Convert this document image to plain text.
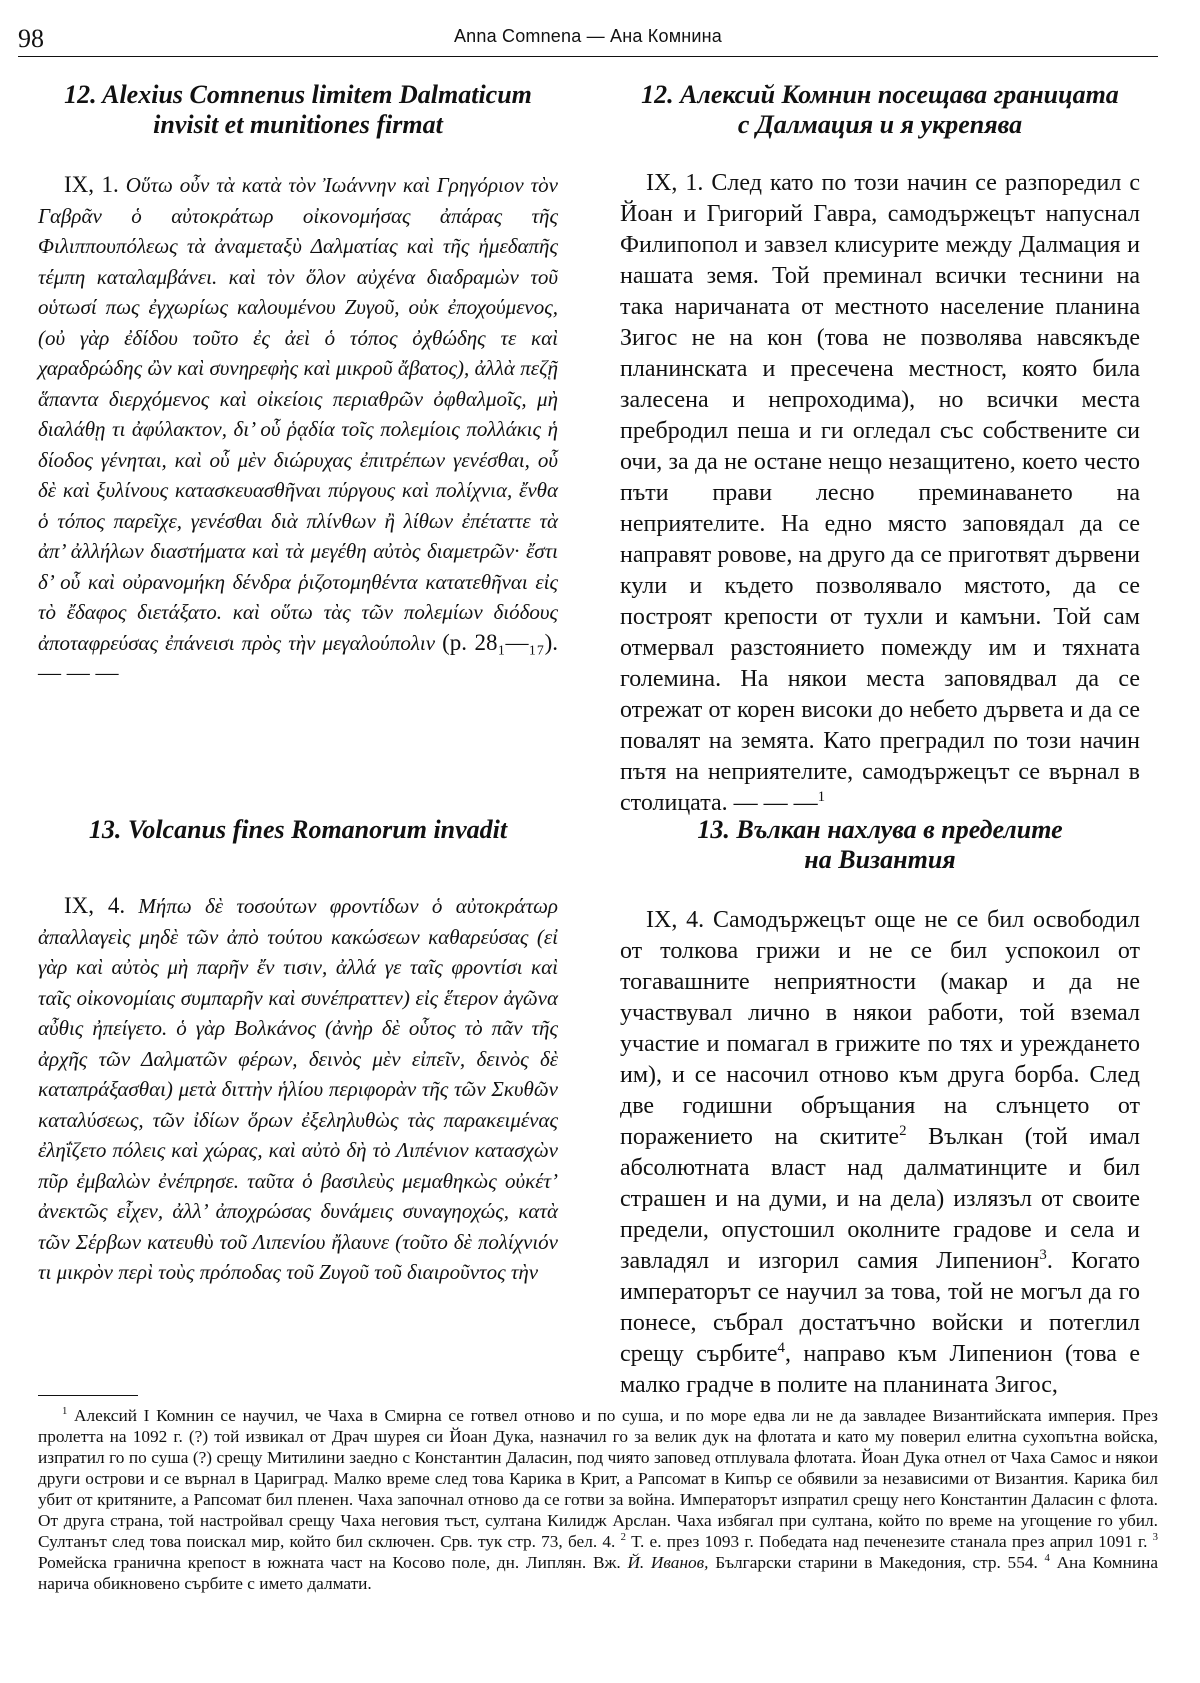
98	Anna Comnena — Ана Комнина
12. Alexius Comnenus limitem Dalmaticum
invisit et munitiones firmat

IX, 1. Οὕτω οὖν τὰ κατὰ τὸν Ἰωάννην καὶ Γρηγόριον τὸν Γαβρᾶν ὁ αὐτοκράτωρ οἰκονομήσας ἀπάρας τῆς Φιλιππουπόλεως τὰ ἀναμεταξὺ Δαλματίας καὶ τῆς ἡμεδαπῆς τέμπη καταλαμβάνει. καὶ τὸν ὅλον αὐχένα διαδραμὼν τοῦ οὑτωσί πως ἐγχωρίως καλουμένου Ζυγοῦ, οὐκ ἐποχούμενος, (οὐ γὰρ ἐδίδου τοῦτο ἐς ἀεὶ ὁ τόπος ὀχθώδης τε καὶ χαραδρώδης ὢν καὶ συνηρεφὴς καὶ μικροῦ ἄβατος), ἀλλὰ πεζῇ ἅπαντα διερχόμενος καὶ οἰκείοις περιαθρῶν ὀφθαλμοῖς, μὴ διαλάθῃ τι ἀφύλακτον, δι’ οὗ ῥᾳδία τοῖς πολεμίοις πολλάκις ἡ δίοδος γένηται, καὶ οὗ μὲν διώρυχας ἐπιτρέπων γενέσθαι, οὗ δὲ καὶ ξυλίνους κατασκευασθῆναι πύργους καὶ πολίχνια, ἔνθα ὁ τόπος παρεῖχε, γενέσθαι διὰ πλίνθων ἢ λίθων ἐπέταττε τὰ ἀπ’ ἀλλήλων διαστήματα καὶ τὰ μεγέθη αὐτὸς διαμετρῶν· ἔστι δ’ οὗ καὶ οὐρανομήκη δένδρα ῥιζοτομηθέντα κατατεθῆναι εἰς τὸ ἔδαφος διετάξατο. καὶ οὕτω τὰς τῶν πολεμίων διόδους ἀποταφρεύσας ἐπάνεισι πρὸς τὴν μεγαλούπολιν (p. 28₁—₁₇). — — —

12. Алексий Комнин посещава границата
с Далмация и я укрепява

IX, 1. След като по този начин се разпоредил с Йоан и Григорий Гавра, самодържецът напуснал Филипопол и завзел клисурите между Далмация и нашата земя. Той преминал всички теснини на така наричаната от местното население планина Зигос не на кон (това не позволява навсякъде планинската и пресечена местност, която била залесена и непроходима), но всички места пребродил пеша и ги огледал със собствените си очи, за да не остане нещо незащитено, което често пъти прави лесно преминаването на неприятелите. На едно място заповядал да се направят ровове, на друго да се приготвят дървени кули и където позволявало мястото, да се построят крепости от тухли и камъни. Той сам отмервал разстоянието помежду им и тяхната големина. На някои места заповядвал да се отрежат от корен високи до небето дървета и да се повалят на земята. Като преградил по този начин пътя на неприятелите, самодържецът се върнал в столицата. — — —$^1$

13. Volcanus fines Romanorum invadit

IX, 4. Μήπω δὲ τοσούτων φροντίδων ὁ αὐτοκράτωρ ἀπαλλαγεὶς μηδὲ τῶν ἀπὸ τούτου κακώσεων καθαρεύσας (εἰ γὰρ καὶ αὐτὸς μὴ παρῆν ἔν τισιν, ἀλλά γε ταῖς φροντίσι καὶ ταῖς οἰκονομίαις συμπαρῆν καὶ συνέπραττεν) εἰς ἕτερον ἀγῶνα αὖθις ἠπείγετο. ὁ γὰρ Βολκάνος (ἀνὴρ δὲ οὗτος τὸ πᾶν τῆς ἀρχῆς τῶν Δαλματῶν φέρων, δεινὸς μὲν εἰπεῖν, δεινὸς δὲ καταπράξασθαι) μετὰ διττὴν ἡλίου περιφορὰν τῆς τῶν Σκυθῶν καταλύσεως, τῶν ἰδίων ὅρων ἐξεληλυθὼς τὰς παρακειμένας ἐληΐζετο πόλεις καὶ χώρας, καὶ αὐτὸ δὴ τὸ Λιπένιον κατασχὼν πῦρ ἐμβαλὼν ἐνέπρησε. ταῦτα ὁ βασιλεὺς μεμαθηκὼς οὐκέτ’ ἀνεκτῶς εἶχεν, ἀλλ’ ἀποχρώσας δυνάμεις συναγηοχώς, κατὰ τῶν Σέρβων κατευθὺ τοῦ Λιπενίου ἤλαυνε (τοῦτο δὲ πολίχνιόν τι μικρὸν περὶ τοὺς πρόποδας τοῦ Ζυγοῦ τοῦ διαιροῦντος τὴν

13. Вълкан нахлува в пределите
на Византия

IX, 4. Самодържецът още не се бил освободил от толкова грижи и не се бил успокоил от тогавашните неприятности (макар и да не участвувал лично в някои работи, той вземал участие и помагал в грижите по тях и уреждането им), и се насочил отново към друга борба. След две годишни обръщания на слънцето от поражението на скитите$^2$ Вълкан (той имал абсолютната власт над далматинците и бил страшен и на думи, и на дела) излязъл от своите предели, опустошил околните градове и села и завладял и изгорил самия Липенион$^3$. Когато императорът се научил за това, той не могъл да го понесе, събрал достатъчно войски и потеглил срещу сърбите$^4$, направо към Липенион (това е малко градче в полите на планината Зигос,

$^1$ Алексий I Комнин се научил, че Чаха в Смирна се готвел отново и по суша, и по море едва ли не да завладее Византийската империя. През пролетта на 1092 г. (?) той извикал от Драч шурея си Йоан Дука, назначил го за велик дук на флотата и като му поверил елитна сухопътна войска, изпратил го по суша (?) срещу Митилини заедно с Константин Даласин, под чиято заповед отплувала флотата. Йоан Дука отнел от Чаха Самос и някои други острови и се върнал в Цариград. Малко време след това Карика в Крит, а Рапсомат в Кипър се обявили за независими от Византия. Карика бил убит от критяните, а Рапсомат бил пленен. Чаха започнал отново да се готви за война. Императорът изпратил срещу него Константин Даласин с флота. От друга страна, той настройвал срещу Чаха неговия тъст, султана Килидж Арслан. Чаха избягал при султана, който по време на угощение го убил. Султанът след това поискал мир, който бил сключен. Срв. тук стр. 73, бел. 4. $^2$ Т. е. през 1093 г. Победата над печенезите станала през април 1091 г. $^3$ Ромейска гранична крепост в южната част на Косово поле, дн. Липлян. Вж. Й. Иванов, Български старини в Македония, стр. 554. $^4$ Ана Комнина нарича обикновено сърбите с името далмати.
